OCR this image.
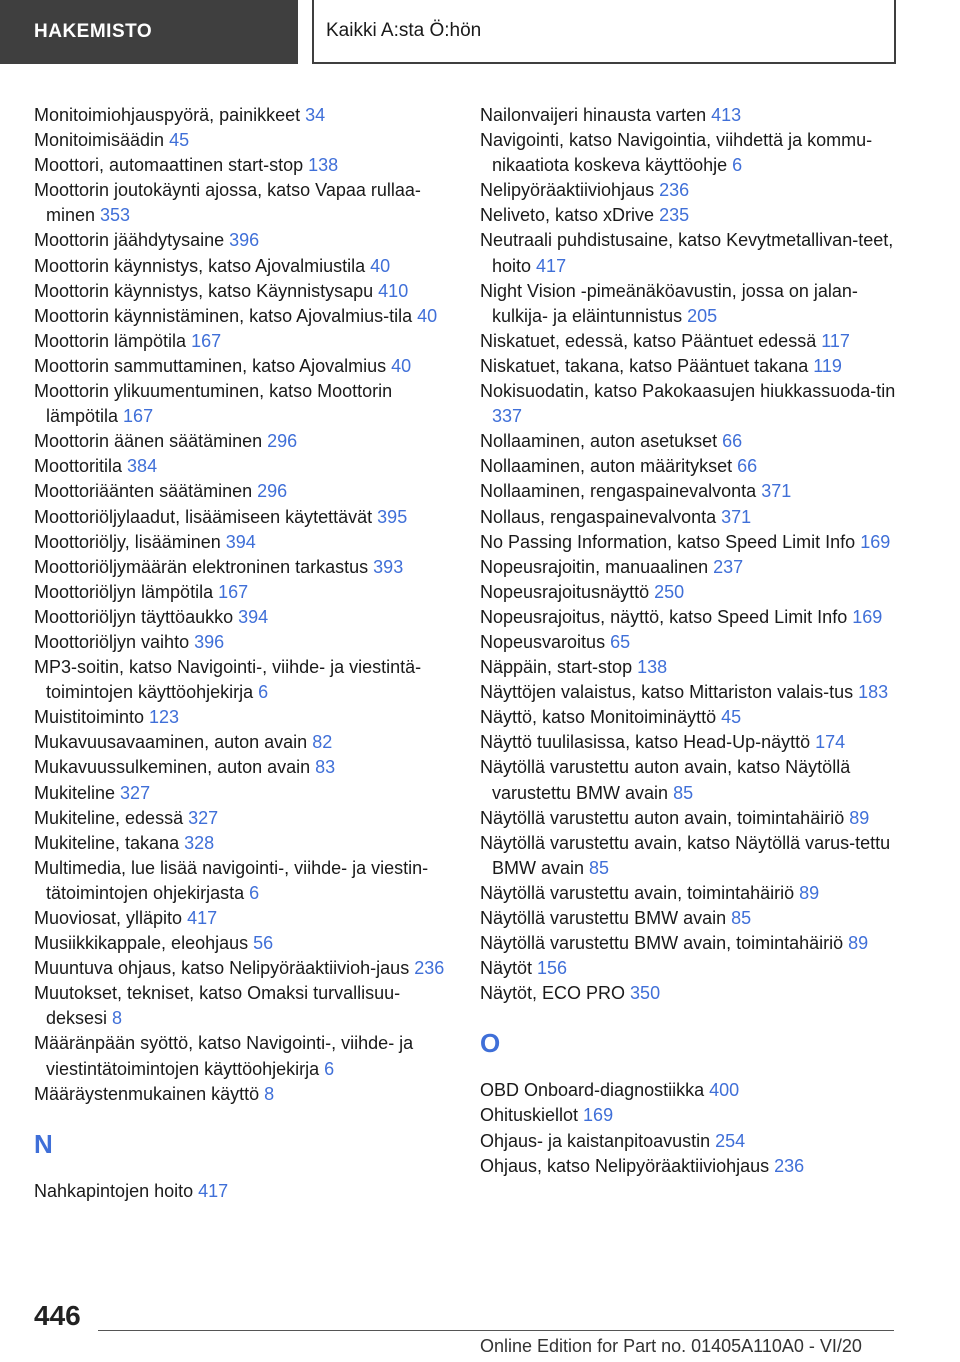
HAKEMISTO	Kaikki A:sta Ö:hön

Monitoimiohjauspyörä, painikkeet 34

Monitoimisäädin 45

Moottori, automaattinen start-stop 138

Moottorin joutokäynti ajossa, katso Vapaa rullaa-minen 353

Moottorin jäähdytysaine 396

Moottorin käynnistys, katso Ajovalmiustila 40

Moottorin käynnistys, katso Käynnistysapu 410

Moottorin käynnistäminen, katso Ajovalmius-tila 40

Moottorin lämpötila 167

Moottorin sammuttaminen, katso Ajovalmius 40

Moottorin ylikuumentuminen, katso Moottorin lämpötila 167

Moottorin äänen säätäminen 296

Moottoritila 384

Moottoriäänten säätäminen 296

Moottoriöljylaadut, lisäämiseen käytettävät 395

Moottoriöljy, lisääminen 394

Moottoriöljymäärän elektroninen tarkastus 393

Moottoriöljyn lämpötila 167

Moottoriöljyn täyttöaukko 394

Moottoriöljyn vaihto 396

MP3-soitin, katso Navigointi-, viihde- ja viestintä-toimintojen käyttöohjekirja 6

Muistitoiminto 123

Mukavuusavaaminen, auton avain 82

Mukavuussulkeminen, auton avain 83

Mukiteline 327

Mukiteline, edessä 327

Mukiteline, takana 328

Multimedia, lue lisää navigointi-, viihde- ja viestin-tätoimintojen ohjekirjasta 6

Muoviosat, ylläpito 417

Musiikkikappale, eleohjaus 56

Muuntuva ohjaus, katso Nelipyöräaktiivioh-jaus 236

Muutokset, tekniset, katso Omaksi turvallisuu-deksesi 8

Määränpään syöttö, katso Navigointi-, viihde- ja viestintätoimintojen käyttöohjekirja 6

Määräystenmukainen käyttö 8

N

Nahkapintojen hoito 417

Nailonvaijeri hinausta varten 413

Navigointi, katso Navigointia, viihdettä ja kommu-nikaatiota koskeva käyttöohje 6

Nelipyöräaktiiviohjaus 236

Neliveto, katso xDrive 235

Neutraali puhdistusaine, katso Kevytmetallivan-teet, hoito 417

Night Vision -pimeänäköavustin, jossa on jalan-kulkija- ja eläintunnistus 205

Niskatuet, edessä, katso Pääntuet edessä 117

Niskatuet, takana, katso Pääntuet takana 119

Nokisuodatin, katso Pakokaasujen hiukkassuoda-tin 337

Nollaaminen, auton asetukset 66

Nollaaminen, auton määritykset 66

Nollaaminen, rengaspainevalvonta 371

Nollaus, rengaspainevalvonta 371

No Passing Information, katso Speed Limit Info 169

Nopeusrajoitin, manuaalinen 237

Nopeusrajoitusnäyttö 250

Nopeusrajoitus, näyttö, katso Speed Limit Info 169

Nopeusvaroitus 65

Näppäin, start-stop 138

Näyttöjen valaistus, katso Mittariston valais-tus 183

Näyttö, katso Monitoiminäyttö 45

Näyttö tuulilasissa, katso Head-Up-näyttö 174

Näytöllä varustettu auton avain, katso Näytöllä varustettu BMW avain 85

Näytöllä varustettu auton avain, toimintahäiriö 89

Näytöllä varustettu avain, katso Näytöllä varus-tettu BMW avain 85

Näytöllä varustettu avain, toimintahäiriö 89

Näytöllä varustettu BMW avain 85

Näytöllä varustettu BMW avain, toimintahäiriö 89

Näytöt 156

Näytöt, ECO PRO 350

O

OBD Onboard-diagnostiikka 400

Ohituskiellot 169

Ohjaus- ja kaistanpitoavustin 254

Ohjaus, katso Nelipyöräaktiiviohjaus 236

446
Online Edition for Part no. 01405A110A0 - VI/20
